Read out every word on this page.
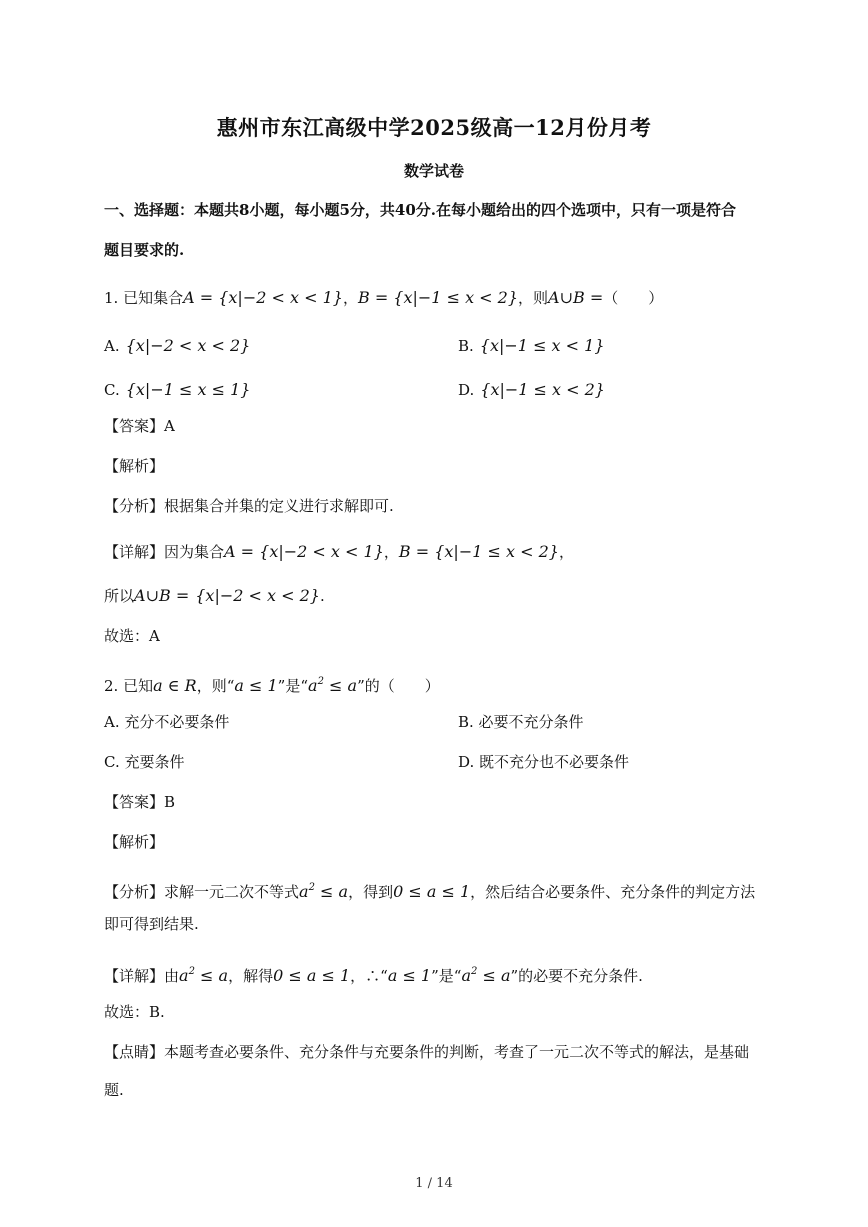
惠州市东江高级中学2025级高一12月份月考
数学试卷
一、选择题：本题共8小题，每小题5分，共40分.在每小题给出的四个选项中，只有一项是符合
题目要求的.
1. 已知集合A = {x|−2 < x < 1}，B = {x|−1 ≤ x < 2}，则A∪B =（　　）
A. {x|−2 < x < 2}	B. {x|−1 ≤ x < 1}
C. {x|−1 ≤ x ≤ 1}	D. {x|−1 ≤ x < 2}
【答案】A
【解析】
【分析】根据集合并集的定义进行求解即可.
【详解】因为集合A = {x|−2 < x < 1}，B = {x|−1 ≤ x < 2}，
所以A∪B = {x|−2 < x < 2}.
故选：A
2. 已知a ∈ R，则“a ≤ 1”是“$a^2 \le a$”的（　　）
A. 充分不必要条件	B. 必要不充分条件
C. 充要条件	D. 既不充分也不必要条件
【答案】B
【解析】
【分析】求解一元二次不等式$a^2 \le a$，得到0 ≤ a ≤ 1，然后结合必要条件、充分条件的判定方法
即可得到结果.
【详解】由$a^2 \le a$，解得0 ≤ a ≤ 1，∴“a ≤ 1”是“$a^2 \le a$”的必要不充分条件.
故选：B.
【点睛】本题考查必要条件、充分条件与充要条件的判断，考查了一元二次不等式的解法，是基础
题.
1 / 14
